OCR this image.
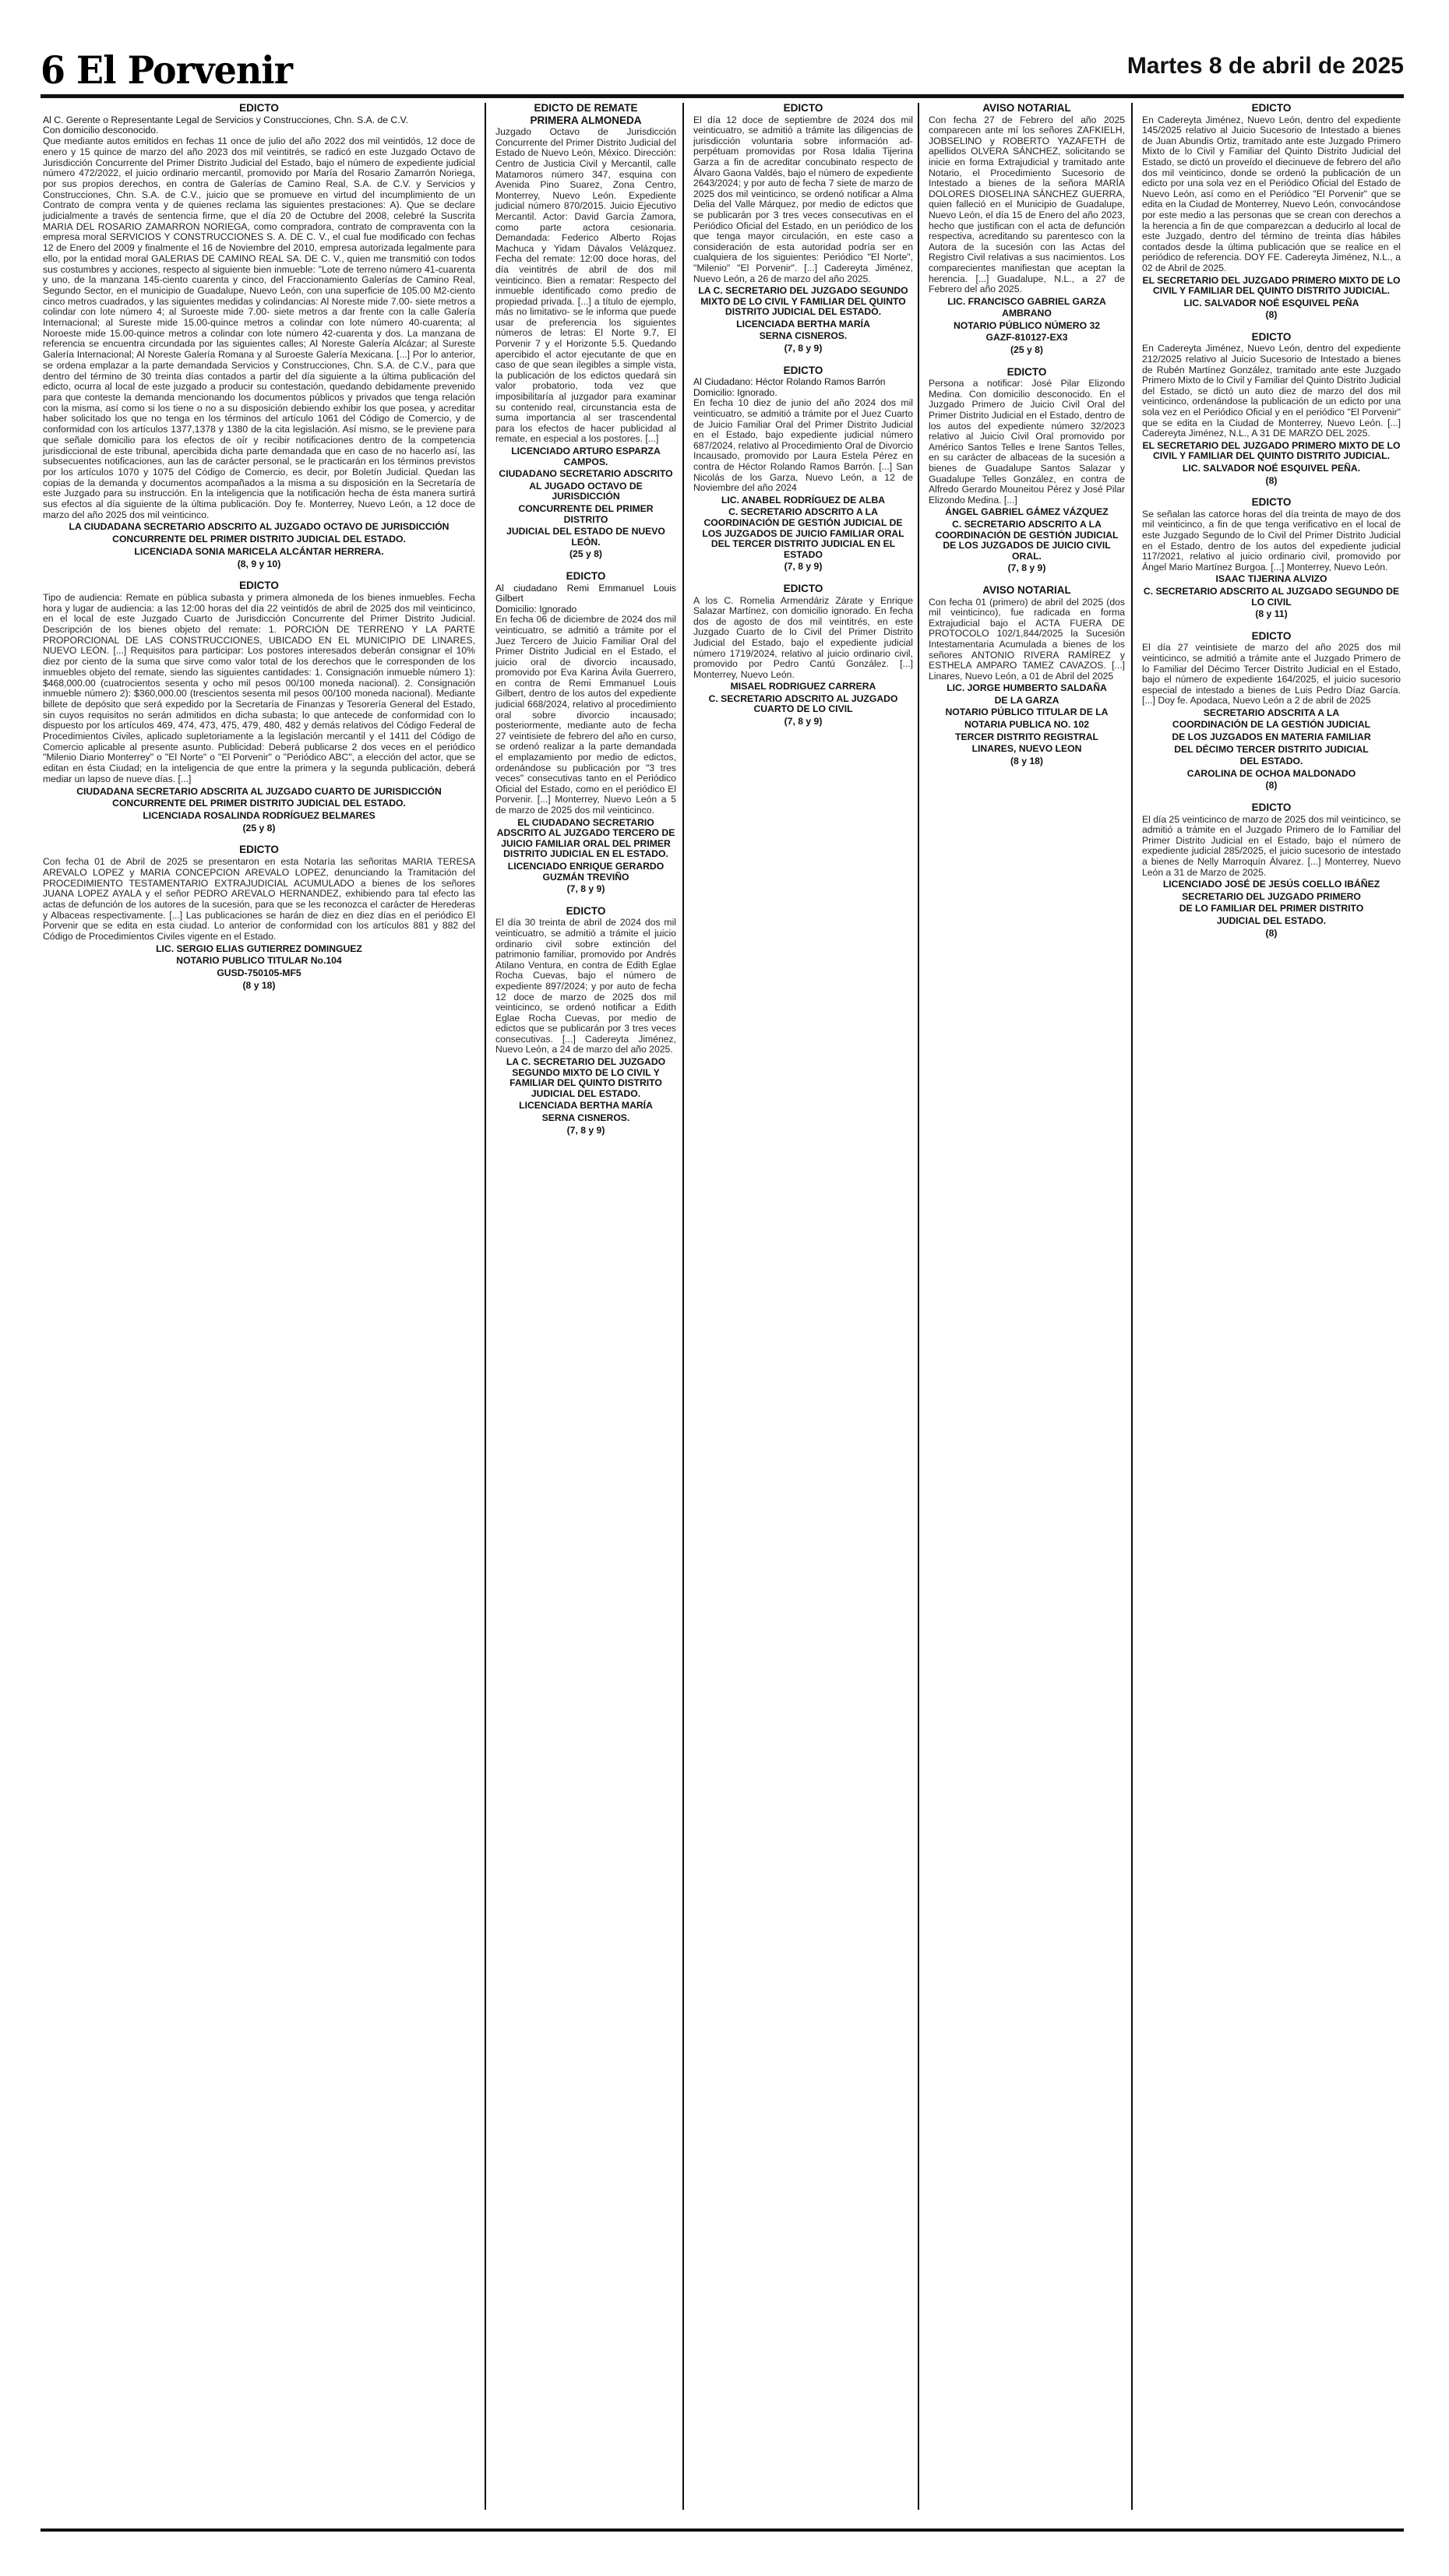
6 El Porvenir	Martes 8 de abril de 2025
EDICTO

Al C. Gerente o Representante Legal de Servicios y Construcciones, Chn. S.A. de C.V.

Con domicilio desconocido.

Que mediante autos emitidos en fechas 11 once de julio del año 2022 dos mil veintidós, 12 doce de enero y 15 quince de marzo del año 2023 dos mil veintitrés, se radicó en este Juzgado Octavo de Jurisdicción Concurrente del Primer Distrito Judicial del Estado, bajo el número de expediente judicial número 472/2022, el juicio ordinario mercantil, promovido por María del Rosario Zamarrón Noriega, por sus propios derechos, en contra de Galerías de Camino Real, S.A. de C.V. y Servicios y Construcciones, Chn. S.A. de C.V., juicio que se promueve en virtud del incumplimiento de un Contrato de compra venta y de quienes reclama las siguientes prestaciones: A). Que se declare judicialmente a través de sentencia firme, que el día 20 de Octubre del 2008, celebré la Suscrita MARIA DEL ROSARIO ZAMARRON NORIEGA, como compradora, contrato de compraventa con la empresa moral SERVICIOS Y CONSTRUCCIONES S. A. DE C. V., el cual fue modificado con fechas 12 de Enero del 2009 y finalmente el 16 de Noviembre del 2010, empresa autorizada legalmente para ello, por la entidad moral GALERIAS DE CAMINO REAL SA. DE C. V., quien me transmitió con todos sus costumbres y acciones, respecto al siguiente bien inmueble: "Lote de terreno número 41-cuarenta y uno, de la manzana 145-ciento cuarenta y cinco, del Fraccionamiento Galerías de Camino Real, Segundo Sector, en el municipio de Guadalupe, Nuevo León, con una superficie de 105.00 M2-ciento cinco metros cuadrados, y las siguientes medidas y colindancias: Al Noreste mide 7.00- siete metros a colindar con lote número 4; al Suroeste mide 7.00- siete metros a dar frente con la calle Galería Internacional; al Sureste mide 15.00-quince metros a colindar con lote número 40-cuarenta; al Noroeste mide 15.00-quince metros a colindar con lote número 42-cuarenta y dos. La manzana de referencia se encuentra circundada por las siguientes calles; Al Noreste Galería Alcázar; al Sureste Galería Internacional; Al Noreste Galería Romana y al Suroeste Galería Mexicana. [...] Por lo anterior, se ordena emplazar a la parte demandada Servicios y Construcciones, Chn. S.A. de C.V., para que dentro del término de 30 treinta días contados a partir del día siguiente a la última publicación del edicto, ocurra al local de este juzgado a producir su contestación, quedando debidamente prevenido para que conteste la demanda mencionando los documentos públicos y privados que tenga relación con la misma, así como si los tiene o no a su disposición debiendo exhibir los que posea, y acreditar haber solicitado los que no tenga en los términos del artículo 1061 del Código de Comercio, y de conformidad con los artículos 1377,1378 y 1380 de la cita legislación. Así mismo, se le previene para que señale domicilio para los efectos de oír y recibir notificaciones dentro de la competencia jurisdiccional de este tribunal, apercibida dicha parte demandada que en caso de no hacerlo así, las subsecuentes notificaciones, aun las de carácter personal, se le practicarán en los términos previstos por los artículos 1070 y 1075 del Código de Comercio, es decir, por Boletín Judicial. Quedan las copias de la demanda y documentos acompañados a la misma a su disposición en la Secretaría de este Juzgado para su instrucción. En la inteligencia que la notificación hecha de ésta manera surtirá sus efectos al día siguiente de la última publicación. Doy fe. Monterrey, Nuevo León, a 12 doce de marzo del año 2025 dos mil veinticinco.

LA CIUDADANA SECRETARIO ADSCRITO AL JUZGADO OCTAVO DE JURISDICCIÓN
CONCURRENTE DEL PRIMER DISTRITO JUDICIAL DEL ESTADO.
LICENCIADA SONIA MARICELA ALCÁNTAR HERRERA.
(8, 9 y 10)
EDICTO

Tipo de audiencia: Remate en pública subasta y primera almoneda de los bienes inmuebles. Fecha hora y lugar de audiencia: a las 12:00 horas del día 22 veintidós de abril de 2025 dos mil veinticinco, en el local de este Juzgado Cuarto de Jurisdicción Concurrente del Primer Distrito Judicial. Descripción de los bienes objeto del remate: 1. PORCIÓN DE TERRENO Y LA PARTE PROPORCIONAL DE LAS CONSTRUCCIONES, UBICADO EN EL MUNICIPIO DE LINARES, NUEVO LEÓN. [...] Requisitos para participar: Los postores interesados deberán consignar el 10% diez por ciento de la suma que sirve como valor total de los derechos que le corresponden de los inmuebles objeto del remate, siendo las siguientes cantidades: 1. Consignación inmueble número 1): $468,000.00 (cuatrocientos sesenta y ocho mil pesos 00/100 moneda nacional). 2. Consignación inmueble número 2): $360,000.00 (trescientos sesenta mil pesos 00/100 moneda nacional). Mediante billete de depósito que será expedido por la Secretaría de Finanzas y Tesorería General del Estado, sin cuyos requisitos no serán admitidos en dicha subasta; lo que antecede de conformidad con lo dispuesto por los artículos 469, 474, 473, 475, 479, 480, 482 y demás relativos del Código Federal de Procedimientos Civiles, aplicado supletoriamente a la legislación mercantil y el 1411 del Código de Comercio aplicable al presente asunto. Publicidad: Deberá publicarse 2 dos veces en el periódico "Milenio Diario Monterrey" o "El Norte" o "El Porvenir" o "Periódico ABC", a elección del actor, que se editan en ésta Ciudad; en la inteligencia de que entre la primera y la segunda publicación, deberá mediar un lapso de nueve días. [...]

CIUDADANA SECRETARIO ADSCRITA AL JUZGADO CUARTO DE JURISDICCIÓN
CONCURRENTE DEL PRIMER DISTRITO JUDICIAL DEL ESTADO.
LICENCIADA ROSALINDA RODRÍGUEZ BELMARES
(25 y 8)
EDICTO

Con fecha 01 de Abril de 2025 se presentaron en esta Notaría las señoritas MARIA TERESA AREVALO LOPEZ y MARIA CONCEPCION AREVALO LOPEZ, denunciando la Tramitación del PROCEDIMIENTO TESTAMENTARIO EXTRAJUDICIAL ACUMULADO a bienes de los señores JUANA LOPEZ AYALA y el señor PEDRO AREVALO HERNANDEZ, exhibiendo para tal efecto las actas de defunción de los autores de la sucesión, para que se les reconozca el carácter de Herederas y Albaceas respectivamente. [...] Las publicaciones se harán de diez en diez días en el periódico El Porvenir que se edita en esta ciudad. Lo anterior de conformidad con los artículos 881 y 882 del Código de Procedimientos Civiles vigente en el Estado.

LIC. SERGIO ELIAS GUTIERREZ DOMINGUEZ
NOTARIO PUBLICO TITULAR No.104
GUSD-750105-MF5
(8 y 18)
EDICTO DE REMATE
PRIMERA ALMONEDA

Juzgado Octavo de Jurisdicción Concurrente del Primer Distrito Judicial del Estado de Nuevo León, México. Dirección: Centro de Justicia Civil y Mercantil, calle Matamoros número 347, esquina con Avenida Pino Suarez, Zona Centro, Monterrey, Nuevo León. Expediente judicial número 870/2015. Juicio Ejecutivo Mercantil. Actor: David García Zamora, como parte actora cesionaria. Demandada: Federico Alberto Rojas Machuca y Yidam Dávalos Velázquez. Fecha del remate: 12:00 doce horas, del día veintitrés de abril de dos mil veinticinco. Bien a rematar: Respecto del inmueble identificado como predio de propiedad privada. [...] a título de ejemplo, más no limitativo- se le informa que puede usar de preferencia los siguientes números de letras: El Norte 9.7, El Porvenir 7 y el Horizonte 5.5. Quedando apercibido el actor ejecutante de que en caso de que sean ilegibles a simple vista, la publicación de los edictos quedará sin valor probatorio, toda vez que imposibilitaría al juzgador para examinar su contenido real, circunstancia esta de suma importancia al ser trascendental para los efectos de hacer publicidad al remate, en especial a los postores. [...]

LICENCIADO ARTURO ESPARZA CAMPOS.
CIUDADANO SECRETARIO ADSCRITO
AL JUGADO OCTAVO DE JURISDICCIÓN
CONCURRENTE DEL PRIMER DISTRITO
JUDICIAL DEL ESTADO DE NUEVO LEÓN.
(25 y 8)
EDICTO

Al ciudadano Remi Emmanuel Louis Gilbert

Domicilio: Ignorado

En fecha 06 de diciembre de 2024 dos mil veinticuatro, se admitió a trámite por el Juez Tercero de Juicio Familiar Oral del Primer Distrito Judicial en el Estado, el juicio oral de divorcio incausado, promovido por Eva Karina Ávila Guerrero, en contra de Remi Emmanuel Louis Gilbert, dentro de los autos del expediente judicial 668/2024, relativo al procedimiento oral sobre divorcio incausado; posteriormente, mediante auto de fecha 27 veintisiete de febrero del año en curso, se ordenó realizar a la parte demandada el emplazamiento por medio de edictos, ordenándose su publicación por "3 tres veces" consecutivas tanto en el Periódico Oficial del Estado, como en el periódico El Porvenir. [...] Monterrey, Nuevo León a 5 de marzo de 2025 dos mil veinticinco.

EL CIUDADANO SECRETARIO ADSCRITO AL JUZGADO TERCERO DE JUICIO FAMILIAR ORAL DEL PRIMER DISTRITO JUDICIAL EN EL ESTADO.
LICENCIADO ENRIQUE GERARDO GUZMÁN TREVIÑO
(7, 8 y 9)
EDICTO

El día 30 treinta de abril de 2024 dos mil veinticuatro, se admitió a trámite el juicio ordinario civil sobre extinción del patrimonio familiar, promovido por Andrés Atilano Ventura, en contra de Edith Eglae Rocha Cuevas, bajo el número de expediente 897/2024; y por auto de fecha 12 doce de marzo de 2025 dos mil veinticinco, se ordenó notificar a Edith Eglae Rocha Cuevas, por medio de edictos que se publicarán por 3 tres veces consecutivas. [...] Cadereyta Jiménez, Nuevo León, a 24 de marzo del año 2025.

LA C. SECRETARIO DEL JUZGADO SEGUNDO MIXTO DE LO CIVIL Y FAMILIAR DEL QUINTO DISTRITO JUDICIAL DEL ESTADO.
LICENCIADA BERTHA MARÍA
SERNA CISNEROS.
(7, 8 y 9)
EDICTO

El día 12 doce de septiembre de 2024 dos mil veinticuatro, se admitió a trámite las diligencias de jurisdicción voluntaria sobre información ad-perpétuam promovidas por Rosa Idalia Tijerina Garza a fin de acreditar concubinato respecto de Álvaro Gaona Valdés, bajo el número de expediente 2643/2024; y por auto de fecha 7 siete de marzo de 2025 dos mil veinticinco, se ordenó notificar a Alma Delia del Valle Márquez, por medio de edictos que se publicarán por 3 tres veces consecutivas en el Periódico Oficial del Estado, en un periódico de los que tenga mayor circulación, en este caso a consideración de esta autoridad podría ser en cualquiera de los siguientes: Periódico "El Norte", "Milenio" "El Porvenir". [...] Cadereyta Jiménez, Nuevo León, a 26 de marzo del año 2025.

LA C. SECRETARIO DEL JUZGADO SEGUNDO MIXTO DE LO CIVIL Y FAMILIAR DEL QUINTO DISTRITO JUDICIAL DEL ESTADO.
LICENCIADA BERTHA MARÍA
SERNA CISNEROS.
(7, 8 y 9)
EDICTO

Al Ciudadano: Héctor Rolando Ramos Barrón

Domicilio: Ignorado.

En fecha 10 diez de junio del año 2024 dos mil veinticuatro, se admitió a trámite por el Juez Cuarto de Juicio Familiar Oral del Primer Distrito Judicial en el Estado, bajo expediente judicial número 687/2024, relativo al Procedimiento Oral de Divorcio Incausado, promovido por Laura Estela Pérez en contra de Héctor Rolando Ramos Barrón. [...] San Nicolás de los Garza, Nuevo León, a 12 de Noviembre del año 2024

LIC. ANABEL RODRÍGUEZ DE ALBA
C. SECRETARIO ADSCRITO A LA COORDINACIÓN DE GESTIÓN JUDICIAL DE LOS JUZGADOS DE JUICIO FAMILIAR ORAL DEL TERCER DISTRITO JUDICIAL EN EL ESTADO
(7, 8 y 9)
EDICTO

A los C. Romelia Armendáriz Zárate y Enrique Salazar Martínez, con domicilio ignorado. En fecha dos de agosto de dos mil veintitrés, en este Juzgado Cuarto de lo Civil del Primer Distrito Judicial del Estado, bajo el expediente judicial número 1719/2024, relativo al juicio ordinario civil, promovido por Pedro Cantú González. [...] Monterrey, Nuevo León.

MISAEL RODRIGUEZ CARRERA
C. SECRETARIO ADSCRITO AL JUZGADO CUARTO DE LO CIVIL
(7, 8 y 9)
AVISO NOTARIAL

Con fecha 27 de Febrero del año 2025 comparecen ante mí los señores ZAFKIELH, JOBSELINO y ROBERTO YAZAFETH de apellidos OLVERA SÁNCHEZ, solicitando se inicie en forma Extrajudicial y tramitado ante Notario, el Procedimiento Sucesorio de Intestado a bienes de la señora MARÍA DOLORES DIOSELINA SÁNCHEZ GUERRA, quien falleció en el Municipio de Guadalupe, Nuevo León, el día 15 de Enero del año 2023, hecho que justifican con el acta de defunción respectiva, acreditando su parentesco con la Autora de la sucesión con las Actas del Registro Civil relativas a sus nacimientos. Los comparecientes manifiestan que aceptan la herencia. [...] Guadalupe, N.L., a 27 de Febrero del año 2025.

LIC. FRANCISCO GABRIEL GARZA
AMBRANO
NOTARIO PÚBLICO NÚMERO 32
GAZF-810127-EX3
(25 y 8)
EDICTO

Persona a notificar: José Pilar Elizondo Medina. Con domicilio desconocido. En el Juzgado Primero de Juicio Civil Oral del Primer Distrito Judicial en el Estado, dentro de los autos del expediente número 32/2023 relativo al Juicio Civil Oral promovido por Américo Santos Telles e Irene Santos Telles, en su carácter de albaceas de la sucesión a bienes de Guadalupe Santos Salazar y Guadalupe Telles González, en contra de Alfredo Gerardo Mouneitou Pérez y José Pilar Elizondo Medina. [...]

ÁNGEL GABRIEL GÁMEZ VÁZQUEZ
C. SECRETARIO ADSCRITO A LA COORDINACIÓN DE GESTIÓN JUDICIAL DE LOS JUZGADOS DE JUICIO CIVIL ORAL.
(7, 8 y 9)
AVISO NOTARIAL

Con fecha 01 (primero) de abril del 2025 (dos mil veinticinco), fue radicada en forma Extrajudicial bajo el ACTA FUERA DE PROTOCOLO 102/1,844/2025 la Sucesión Intestamentaria Acumulada a bienes de los señores ANTONIO RIVERA RAMÍREZ y ESTHELA AMPARO TAMEZ CAVAZOS. [...] Linares, Nuevo León, a 01 de Abril del 2025

LIC. JORGE HUMBERTO SALDAÑA
DE LA GARZA
NOTARIO PÚBLICO TITULAR DE LA
NOTARIA PUBLICA NO. 102
TERCER DISTRITO REGISTRAL
LINARES, NUEVO LEON
(8 y 18)
EDICTO

En Cadereyta Jiménez, Nuevo León, dentro del expediente 145/2025 relativo al Juicio Sucesorio de Intestado a bienes de Juan Abundis Ortiz, tramitado ante este Juzgado Primero Mixto de lo Civil y Familiar del Quinto Distrito Judicial del Estado, se dictó un proveído el diecinueve de febrero del año dos mil veinticinco, donde se ordenó la publicación de un edicto por una sola vez en el Periódico Oficial del Estado de Nuevo León, así como en el Periódico "El Porvenir" que se edita en la Ciudad de Monterrey, Nuevo León, convocándose por este medio a las personas que se crean con derechos a la herencia a fin de que comparezcan a deducirlo al local de este Juzgado, dentro del término de treinta días hábiles contados desde la última publicación que se realice en el periódico de referencia. DOY FE. Cadereyta Jiménez, N.L., a 02 de Abril de 2025.

EL SECRETARIO DEL JUZGADO PRIMERO MIXTO DE LO CIVIL Y FAMILIAR DEL QUINTO DISTRITO JUDICIAL.
LIC. SALVADOR NOÉ ESQUIVEL PEÑA
(8)
EDICTO

En Cadereyta Jiménez, Nuevo León, dentro del expediente 212/2025 relativo al Juicio Sucesorio de Intestado a bienes de Rubén Martínez González, tramitado ante este Juzgado Primero Mixto de lo Civil y Familiar del Quinto Distrito Judicial del Estado, se dictó un auto diez de marzo del dos mil veinticinco, ordenándose la publicación de un edicto por una sola vez en el Periódico Oficial y en el periódico "El Porvenir" que se edita en la Ciudad de Monterrey, Nuevo León. [...] Cadereyta Jiménez, N.L., A 31 DE MARZO DEL 2025.

EL SECRETARIO DEL JUZGADO PRIMERO MIXTO DE LO CIVIL Y FAMILIAR DEL QUINTO DISTRITO JUDICIAL.
LIC. SALVADOR NOÉ ESQUIVEL PEÑA.
(8)
EDICTO

Se señalan las catorce horas del día treinta de mayo de dos mil veinticinco, a fin de que tenga verificativo en el local de este Juzgado Segundo de lo Civil del Primer Distrito Judicial en el Estado, dentro de los autos del expediente judicial 117/2021, relativo al juicio ordinario civil, promovido por Ángel Mario Martínez Burgoa. [...] Monterrey, Nuevo León.

ISAAC TIJERINA ALVIZO
C. SECRETARIO ADSCRITO AL JUZGADO SEGUNDO DE LO CIVIL
(8 y 11)
EDICTO

El día 27 veintisiete de marzo del año 2025 dos mil veinticinco, se admitió a trámite ante el Juzgado Primero de lo Familiar del Décimo Tercer Distrito Judicial en el Estado, bajo el número de expediente 164/2025, el juicio sucesorio especial de intestado a bienes de Luis Pedro Díaz García. [...] Doy fe. Apodaca, Nuevo León a 2 de abril de 2025

SECRETARIO ADSCRITA A LA
COORDINACIÓN DE LA GESTIÓN JUDICIAL
DE LOS JUZGADOS EN MATERIA FAMILIAR
DEL DÉCIMO TERCER DISTRITO JUDICIAL
DEL ESTADO.
CAROLINA DE OCHOA MALDONADO
(8)
EDICTO

El día 25 veinticinco de marzo de 2025 dos mil veinticinco, se admitió a trámite en el Juzgado Primero de lo Familiar del Primer Distrito Judicial en el Estado, bajo el número de expediente judicial 285/2025, el juicio sucesorio de intestado a bienes de Nelly Marroquín Álvarez. [...] Monterrey, Nuevo León a 31 de Marzo de 2025.

LICENCIADO JOSÉ DE JESÚS COELLO IBÁÑEZ
SECRETARIO DEL JUZGADO PRIMERO
DE LO FAMILIAR DEL PRIMER DISTRITO
JUDICIAL DEL ESTADO.
(8)
